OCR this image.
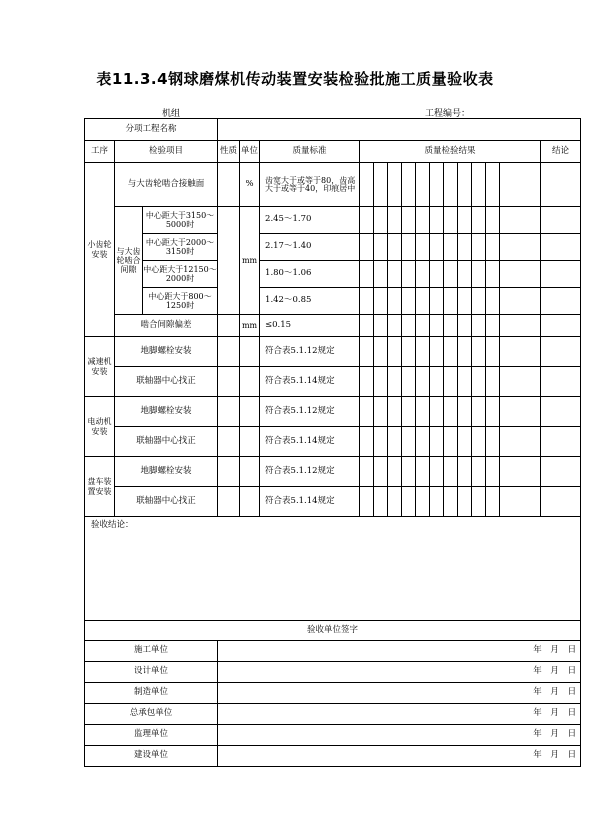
表11.3.4钢球磨煤机传动装置安装检验批施工质量验收表
机组	工程编号：
分项工程名称																	
工序	检验项目		性质	单位	质量标准	质量检验结果											结论
小齿轮安装	与大齿轮啮合接触面			%	齿宽大于或等于80，齿高大于或等于40，印痕居中												
	与大齿轮啮合间隙	中心距大于3150～5000时		mm	2.45～1.70												
		中心距大于2000～3150时			2.17～1.40												
		中心距大于12150～2000时			1.80～1.06												
		中心距大于800～1250时			1.42～0.85												
	啮合间隙偏差			mm	≤0.15												
减速机安装	地脚螺栓安装				符合表5.1.12规定												
	联轴器中心找正				符合表5.1.14规定												
电动机安装	地脚螺栓安装				符合表5.1.12规定												
	联轴器中心找正				符合表5.1.14规定												
盘车装置安装	地脚螺栓安装				符合表5.1.12规定												
	联轴器中心找正				符合表5.1.14规定												
验收结论：																	
验收单位签字																	
施工单位			年 月 日														
设计单位			年 月 日														
制造单位			年 月 日														
总承包单位			年 月 日														
监理单位			年 月 日														
建设单位			年 月 日														
